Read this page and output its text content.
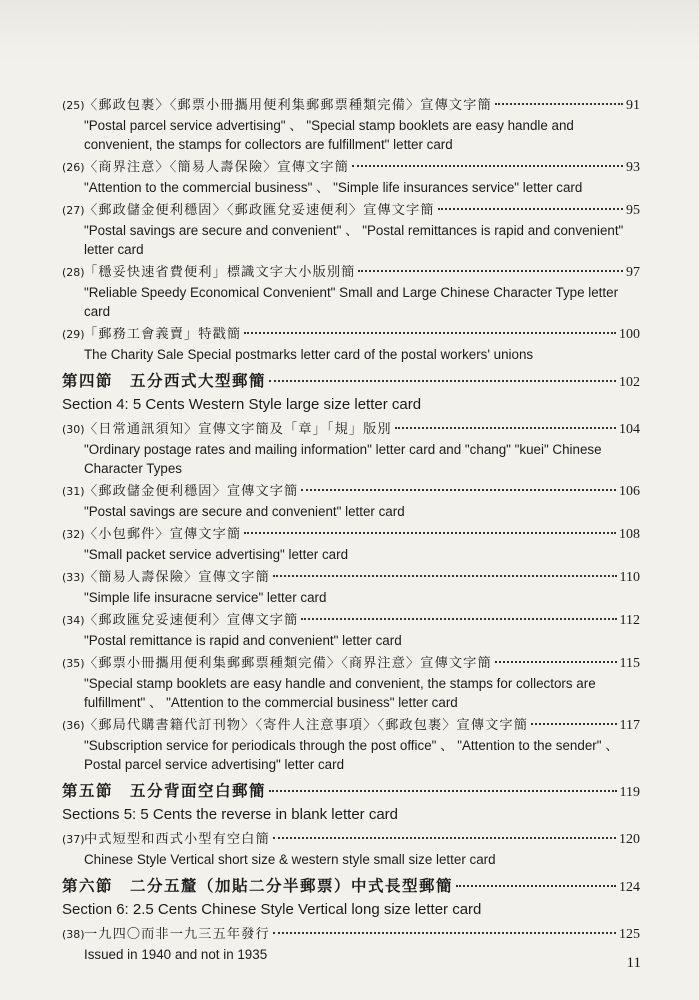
(25) 〈郵政包裹〉〈郵票小冊攜用便利集郵郵票種類完備〉宣傳文字簡	91
"Postal parcel service advertising" 、 "Special stamp booklets are easy handle and convenient, the stamps for collectors are fulfillment" letter card
(26) 〈商界注意〉〈簡易人壽保險〉宣傳文字簡	93
"Attention to the commercial business" 、 "Simple life insurances service" letter card
(27) 〈郵政儲金便利穩固〉〈郵政匯兌妥速便利〉宣傳文字簡	95
"Postal savings are secure and convenient" 、 "Postal remittances is rapid and convenient" letter card
(28) 「穩妥快速省費便利」標識文字大小版別簡	97
"Reliable Speedy Economical Convenient" Small and Large Chinese Character Type letter card
(29) 「郵務工會義賣」特戳簡	100
The Charity Sale Special postmarks letter card of the postal workers' unions
第四節　五分西式大型郵簡	102
Section 4: 5 Cents Western Style large size letter card
(30) 〈日常通訊須知〉宣傳文字簡及「章」「規」版別	104
"Ordinary postage rates and mailing information" letter card and "chang" "kuei" Chinese Character Types
(31) 〈郵政儲金便利穩固〉宣傳文字簡	106
"Postal savings are secure and convenient" letter card
(32) 〈小包郵件〉宣傳文字簡	108
"Small packet service advertising" letter card
(33) 〈簡易人壽保險〉宣傳文字簡	110
"Simple life insuracne service" letter card
(34) 〈郵政匯兌妥速便利〉宣傳文字簡	112
"Postal remittance is rapid and convenient" letter card
(35) 〈郵票小冊攜用便利集郵郵票種類完備〉〈商界注意〉宣傳文字簡	115
"Special stamp booklets are easy handle and convenient, the stamps for collectors are fulfillment" 、 "Attention to the commercial business" letter card
(36) 〈郵局代購書籍代訂刊物〉〈寄件人注意事項〉〈郵政包裹〉宣傳文字簡	117
"Subscription service for periodicals through the post office" 、 "Attention to the sender" 、 Postal parcel service advertising" letter card
第五節　五分背面空白郵簡	119
Sections 5: 5 Cents the reverse in blank letter card
(37) 中式短型和西式小型有空白簡	120
Chinese Style Vertical short size & western style small size letter card
第六節　二分五釐（加貼二分半郵票）中式長型郵簡	124
Section 6: 2.5 Cents Chinese Style Vertical long size letter card
(38) 一九四〇而非一九三五年發行	125
Issued in 1940 and not in 1935
11
